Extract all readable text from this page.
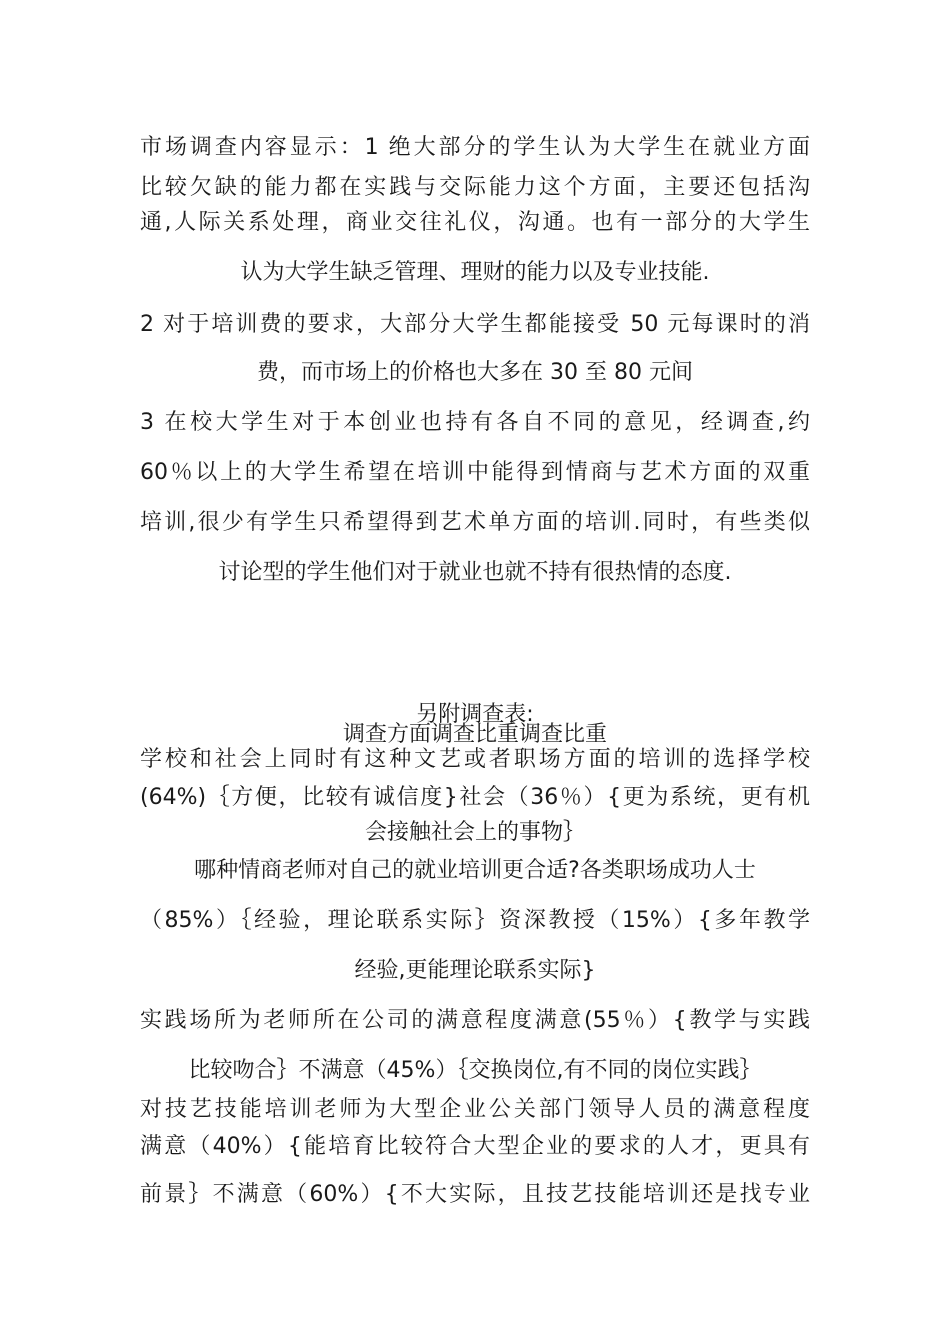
市场调查内容显示：1 绝大部分的学生认为大学生在就业方面
比较欠缺的能力都在实践与交际能力这个方面，主要还包括沟
通,人际关系处理，商业交往礼仪，沟通。也有一部分的大学生
认为大学生缺乏管理、理财的能力以及专业技能.
2 对于培训费的要求，大部分大学生都能接受 50 元每课时的消
费，而市场上的价格也大多在 30 至 80 元间
3 在校大学生对于本创业也持有各自不同的意见，经调查,约
60％以上的大学生希望在培训中能得到情商与艺术方面的双重
培训,很少有学生只希望得到艺术单方面的培训.同时，有些类似
讨论型的学生他们对于就业也就不持有很热情的态度.
另附调查表:
调查方面调查比重调查比重
学校和社会上同时有这种文艺或者职场方面的培训的选择学校
(64%)｛方便，比较有诚信度}社会（36％）{更为系统，更有机
会接触社会上的事物｝
哪种情商老师对自己的就业培训更合适?各类职场成功人士
（85%）｛经验，理论联系实际｝资深教授（15%）{多年教学
经验,更能理论联系实际}
实践场所为老师所在公司的满意程度满意(55％）{教学与实践
比较吻合｝不满意（45%）｛交换岗位,有不同的岗位实践｝
对技艺技能培训老师为大型企业公关部门领导人员的满意程度
满意（40%）{能培育比较符合大型企业的要求的人才，更具有
前景｝不满意（60%）{不大实际，且技艺技能培训还是找专业
